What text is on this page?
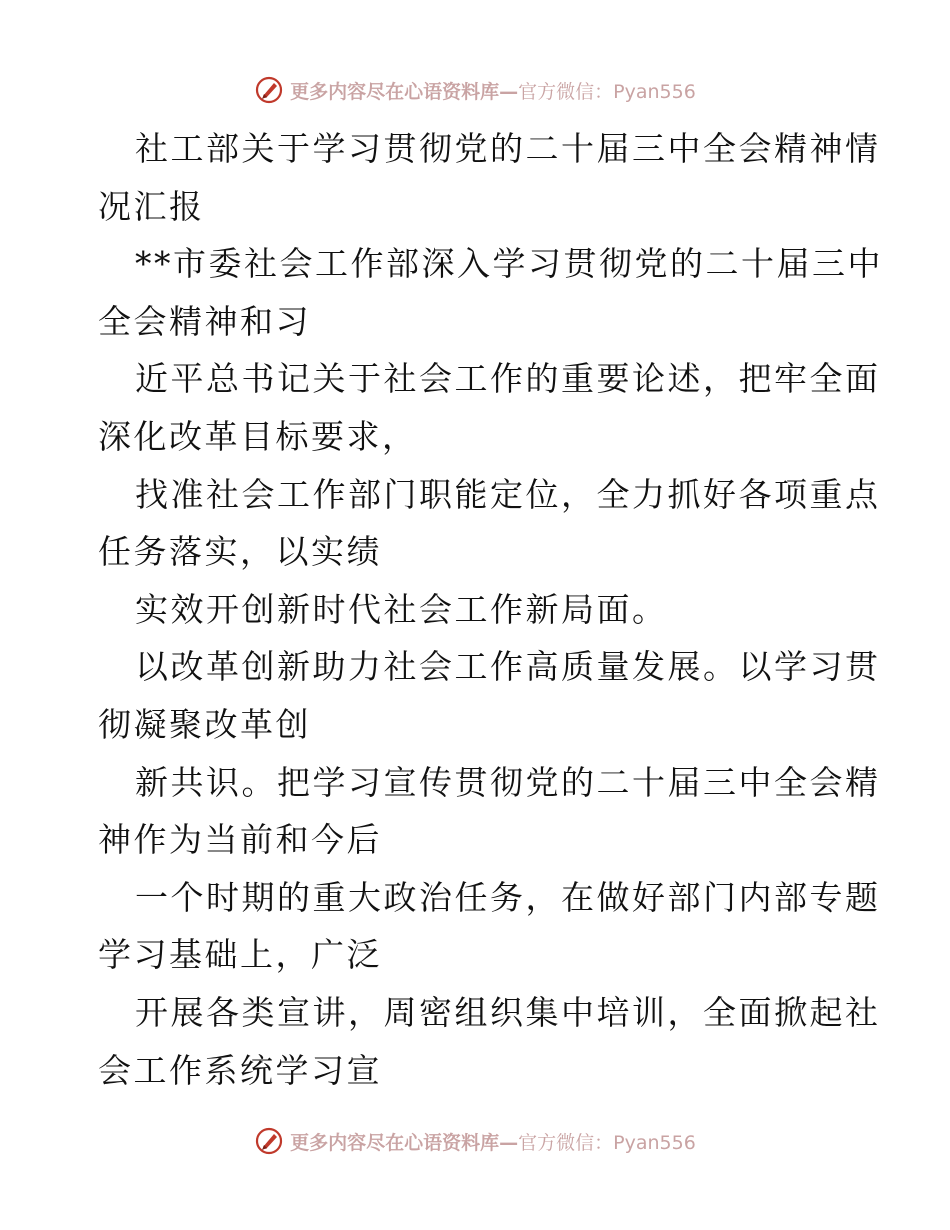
更多内容尽在心语资料库—官方微信：Pyan556
社工部关于学习贯彻党的二十届三中全会精神情
况汇报
**市委社会工作部深入学习贯彻党的二十届三中
全会精神和习
近平总书记关于社会工作的重要论述，把牢全面
深化改革目标要求，
找准社会工作部门职能定位，全力抓好各项重点
任务落实，以实绩
实效开创新时代社会工作新局面。
以改革创新助力社会工作高质量发展。以学习贯
彻凝聚改革创
新共识。把学习宣传贯彻党的二十届三中全会精
神作为当前和今后
一个时期的重大政治任务，在做好部门内部专题
学习基础上，广泛
开展各类宣讲，周密组织集中培训，全面掀起社
会工作系统学习宣
更多内容尽在心语资料库—官方微信：Pyan556
